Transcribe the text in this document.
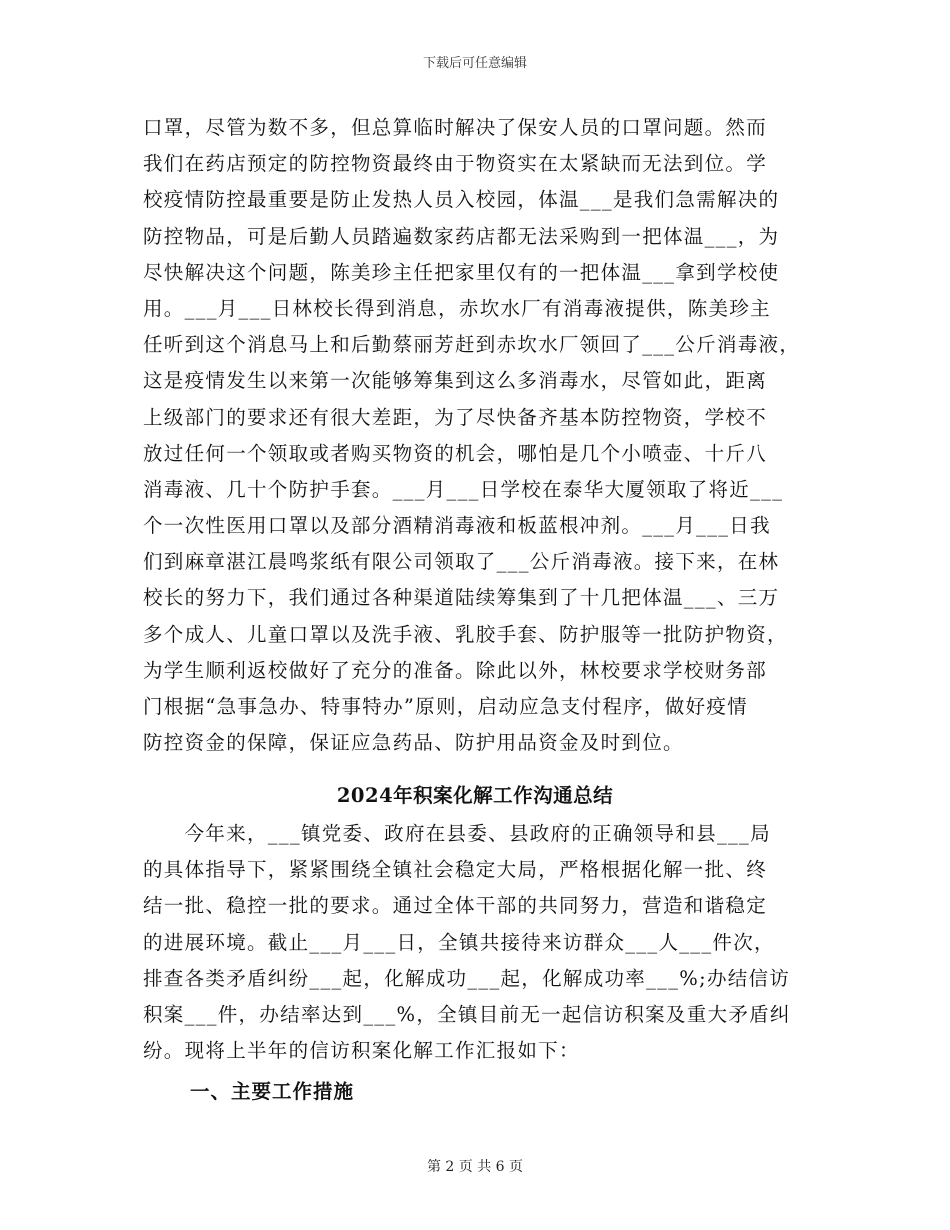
下载后可任意编辑
口罩，尽管为数不多，但总算临时解决了保安人员的口罩问题。然而
我们在药店预定的防控物资最终由于物资实在太紧缺而无法到位。学
校疫情防控最重要是防止发热人员入校园，体温___是我们急需解决的
防控物品，可是后勤人员踏遍数家药店都无法采购到一把体温___，为
尽快解决这个问题，陈美珍主任把家里仅有的一把体温___拿到学校使
用。___月___日林校长得到消息，赤坎水厂有消毒液提供，陈美珍主
任听到这个消息马上和后勤蔡丽芳赶到赤坎水厂领回了___公斤消毒液，
这是疫情发生以来第一次能够筹集到这么多消毒水，尽管如此，距离
上级部门的要求还有很大差距，为了尽快备齐基本防控物资，学校不
放过任何一个领取或者购买物资的机会，哪怕是几个小喷壶、十斤八
消毒液、几十个防护手套。___月___日学校在泰华大厦领取了将近___
个一次性医用口罩以及部分酒精消毒液和板蓝根冲剂。___月___日我
们到麻章湛江晨鸣浆纸有限公司领取了___公斤消毒液。接下来，在林
校长的努力下，我们通过各种渠道陆续筹集到了十几把体温___、三万
多个成人、儿童口罩以及洗手液、乳胶手套、防护服等一批防护物资，
为学生顺利返校做好了充分的准备。除此以外，林校要求学校财务部
门根据“急事急办、特事特办”原则，启动应急支付程序，做好疫情
防控资金的保障，保证应急药品、防护用品资金及时到位。
2024年积案化解工作沟通总结
　　今年来，___镇党委、政府在县委、县政府的正确领导和县___局
的具体指导下，紧紧围绕全镇社会稳定大局，严格根据化解一批、终
结一批、稳控一批的要求。通过全体干部的共同努力，营造和谐稳定
的进展环境。截止___月___日，全镇共接待来访群众___人___件次，
排查各类矛盾纠纷___起，化解成功___起，化解成功率___%;办结信访
积案___件，办结率达到___%，全镇目前无一起信访积案及重大矛盾纠
纷。现将上半年的信访积案化解工作汇报如下：
一、主要工作措施
第 2 页 共 6 页
